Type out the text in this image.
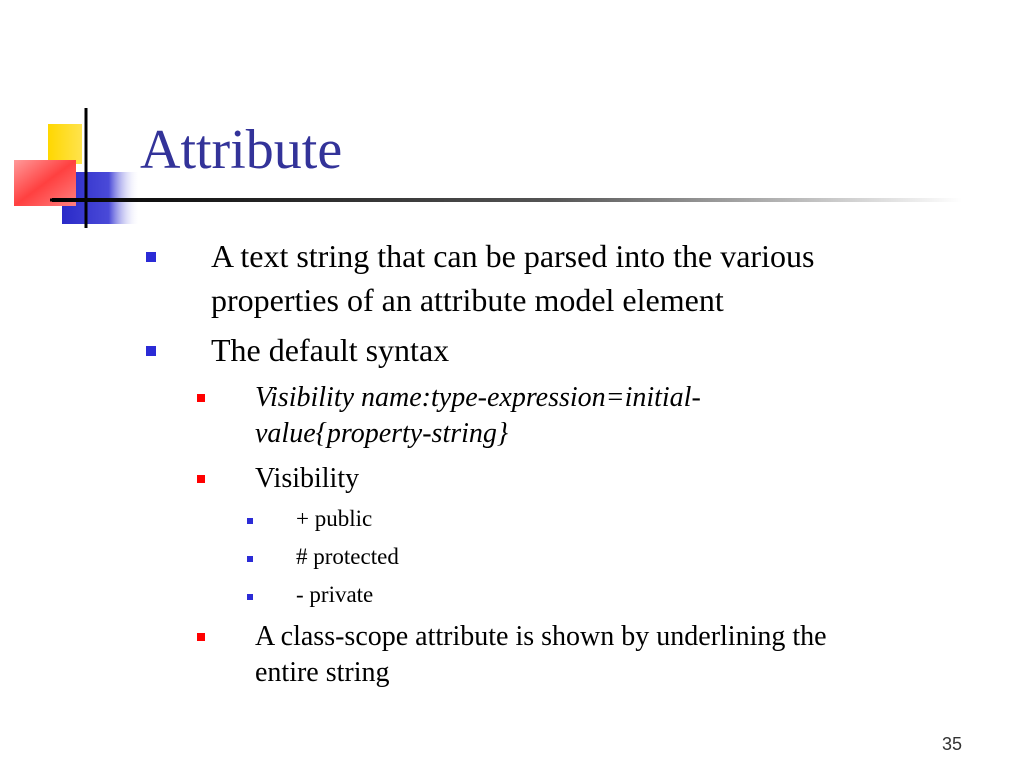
Attribute

A text string that can be parsed into the various
properties of an attribute model element

The default syntax

Visibility name:type-expression=initial-
value{property-string}

Visibility

+ public

# protected

- private

A class-scope attribute is shown by underlining the
entire string

35
